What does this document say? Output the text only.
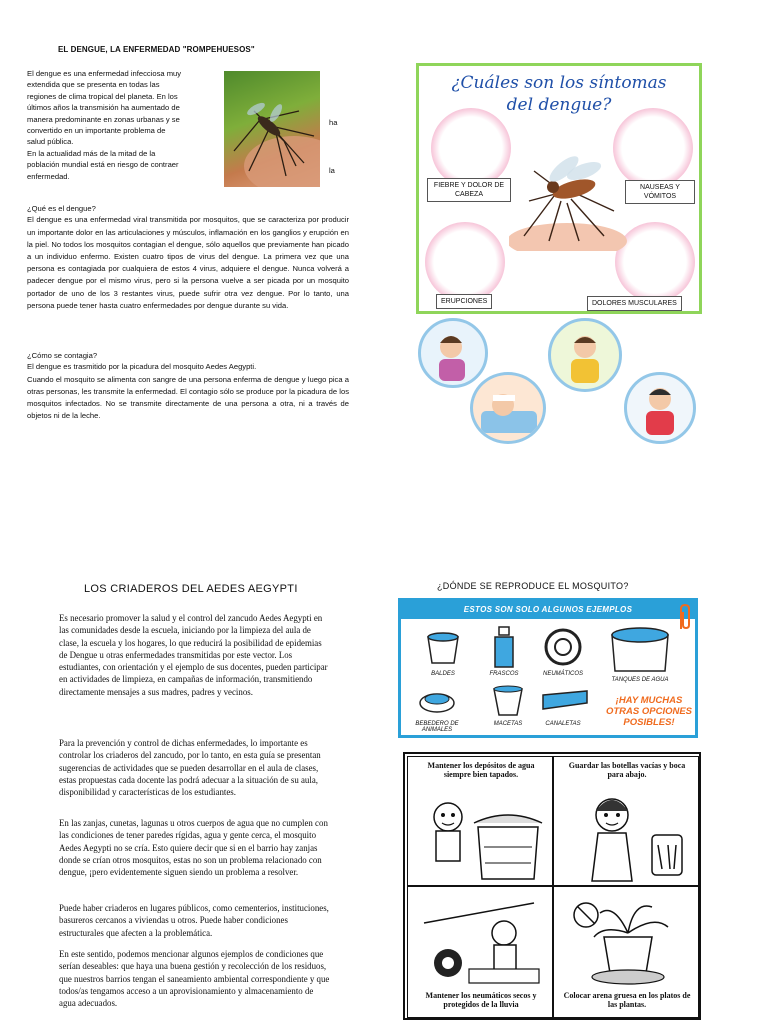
EL DENGUE, LA ENFERMEDAD "ROMPEHUESOS"

El dengue es una enfermedad infecciosa muy

extendida que se presenta en todas las

regiones de clima tropical del planeta. En los

últimos años la transmisión ha aumentado de

manera predominante en zonas urbanas y se

convertido en un importante problema de

salud pública.

En la actualidad más de la mitad de la

población mundial está en riesgo de contraer

enfermedad.

ha
la

¿Qué es el dengue?

El dengue es una enfermedad viral transmitida por mosquitos, que se caracteriza por producir un importante dolor en las articulaciones y músculos, inflamación en los ganglios y erupción en la piel. No todos los mosquitos contagian el dengue, sólo aquellos que previamente han picado a un individuo enfermo. Existen cuatro tipos de virus del dengue. La primera vez que una persona es contagiada por cualquiera de estos 4 virus, adquiere el dengue. Nunca volverá a padecer dengue por el mismo virus, pero si la persona vuelve a ser picada por un mosquito portador de uno de los 3 restantes virus, puede sufrir otra vez dengue. Por lo tanto, una persona puede tener hasta cuatro enfermedades por dengue durante su vida.

¿Cómo se contagia?

El dengue es trasmitido por la picadura del mosquito Aedes Aegypti.

Cuando el mosquito se alimenta con sangre de una persona enferma de dengue y luego pica a otras personas, les transmite la enfermedad. El contagio sólo se produce por la picadura de los mosquitos infectados. No se transmite directamente de una persona a otra, ni a través de objetos ni de la leche.

¿Cuáles son los síntomas
del dengue?
FIEBRE Y DOLOR DE CABEZA
NAUSEAS Y VÓMITOS
ERUPCIONES	DOLORES MUSCULARES
LOS CRIADEROS DEL AEDES AEGYPTI
Es necesario promover la salud y el control del zancudo Aedes Aegypti en las comunidades desde la escuela, iniciando por la limpieza del aula de clase, la escuela y los hogares, lo que reducirá la posibilidad de epidemias de Dengue u otras enfermedades transmitidas por este vector. Los estudiantes, con orientación y el ejemplo de sus docentes, pueden participar en actividades de limpieza, en campañas de información, transmitiendo directamente mensajes a sus madres, padres y vecinos.
Para la prevención y control de dichas enfermedades, lo importante es controlar los criaderos del zancudo, por lo tanto, en esta guía se presentan sugerencias de actividades que se pueden desarrollar en el aula de clases, estas propuestas cada docente las podrá adecuar a la situación de su aula, disponibilidad y características de los estudiantes.
En las zanjas, cunetas, lagunas u otros cuerpos de agua que no cumplen con las condiciones de tener paredes rígidas, agua y gente cerca, el mosquito Aedes Aegypti no se cría. Esto quiere decir que si en el barrio hay zanjas donde se crían otros mosquitos, estas no son un problema relacionado con dengue, ¡pero evidentemente siguen siendo un problema a resolver.
Puede haber criaderos en lugares públicos, como cementerios, instituciones, basureros cercanos a viviendas u otros. Puede haber condiciones estructurales que afecten a la problemática.
En este sentido, podemos mencionar algunos ejemplos de condiciones que serían deseables: que haya una buena gestión y recolección de los residuos, que nuestros barrios tengan el saneamiento ambiental correspondiente y que todos/as tengamos acceso a un aprovisionamiento y almacenamiento de agua adecuados.
¿DÓNDE SE REPRODUCE EL MOSQUITO?
ESTOS SON SOLO ALGUNOS EJEMPLOS
BALDES	FRASCOS	NEUMÁTICOS
TANQUES DE AGUA
BEBEDERO DE ANIMALES
MACETAS	CANALETAS
¡HAY MUCHAS OTRAS OPCIONES POSIBLES!
Mantener los depósitos de agua siempre bien tapados.
Guardar las botellas vacías y boca para abajo.
Mantener los neumáticos secos y protegidos de la lluvia
Colocar arena gruesa en los platos de las plantas.
